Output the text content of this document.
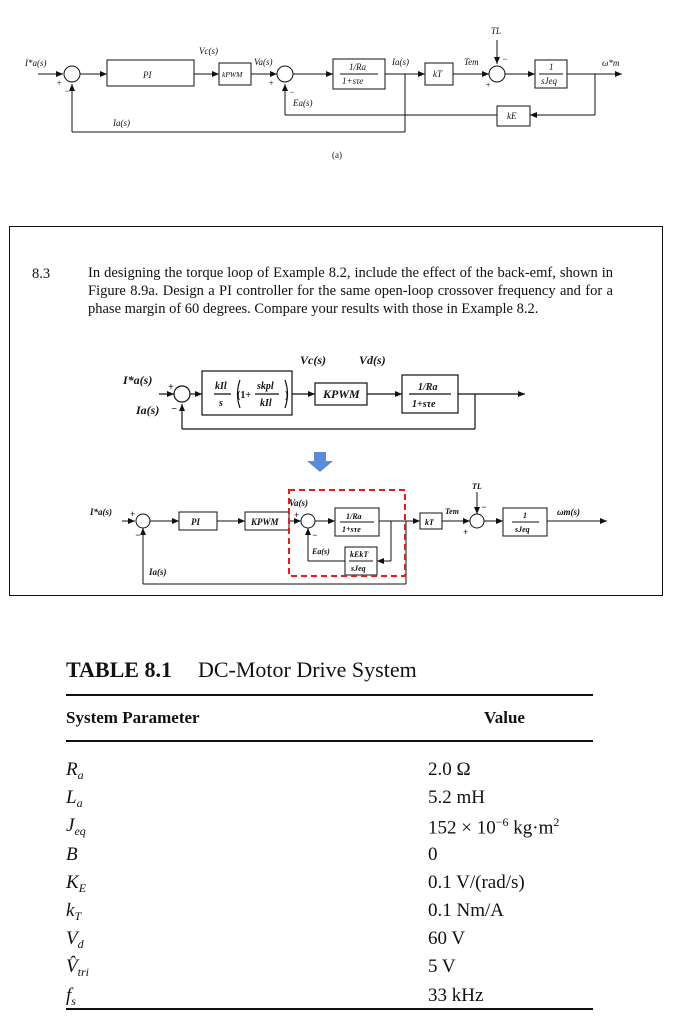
I*a(s)
+
−
PI
Vc(s)
kPWM
Va(s)
+
−
1/Ra
1+sτe
Ea(s)
Ia(s)
kT
Tem
TL
−
+
1
sJeq
ω*m
kE
Ia(s)
(a)
8.3	In designing the torque loop of Example 8.2, include the effect of the back-emf, shown in Figure 8.9a. Design a PI controller for the same open-loop crossover frequency and for a phase margin of 60 degrees. Compare your results with those in Example 8.2.

Vc(s)	Vd(s)
I*a(s)
+
−
Ia(s)
kIl
s
(1+
skpl
kIl
)	KPWM	1/Ra
1+sτe
I*a(s) +
−
PI	KPWM
Va(s)
+
−
1/Ra
1+sτe
Ea(s)	kEkT
sJeq
kT
Tem
TL
+
−
1
sJeq
ωm(s)
Ia(s)
TABLE 8.1 DC-Motor Drive System
System Parameter	Value
$R_a$	2.0 Ω
$L_a$	5.2 mH
$J_{eq}$	$152 \times 10^{-6}$ $kg\cdot m^2$
B	0
$K_E$	0.1 V/(rad/s)
$k_T$	0.1 Nm/A
$V_d$	60 V
$V̂_{tri}$	5 V
$f_s$	33 kHz
